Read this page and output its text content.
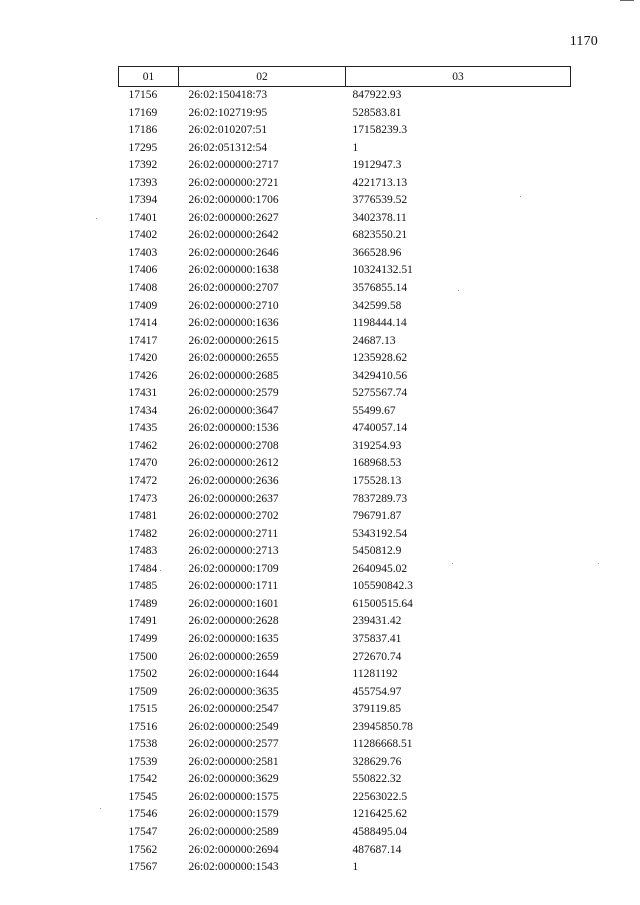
1170
01	02	03
17156	26:02:150418:73	847922.93
17169	26:02:102719:95	528583.81
17186	26:02:010207:51	17158239.3
17295	26:02:051312:54	1
17392	26:02:000000:2717	1912947.3
17393	26:02:000000:2721	4221713.13
17394	26:02:000000:1706	3776539.52
17401	26:02:000000:2627	3402378.11
17402	26:02:000000:2642	6823550.21
17403	26:02:000000:2646	366528.96
17406	26:02:000000:1638	10324132.51
17408	26:02:000000:2707	3576855.14
17409	26:02:000000:2710	342599.58
17414	26:02:000000:1636	1198444.14
17417	26:02:000000:2615	24687.13
17420	26:02:000000:2655	1235928.62
17426	26:02:000000:2685	3429410.56
17431	26:02:000000:2579	5275567.74
17434	26:02:000000:3647	55499.67
17435	26:02:000000:1536	4740057.14
17462	26:02:000000:2708	319254.93
17470	26:02:000000:2612	168968.53
17472	26:02:000000:2636	175528.13
17473	26:02:000000:2637	7837289.73
17481	26:02:000000:2702	796791.87
17482	26:02:000000:2711	5343192.54
17483	26:02:000000:2713	5450812.9
17484	26:02:000000:1709	2640945.02
17485	26:02:000000:1711	105590842.3
17489	26:02:000000:1601	61500515.64
17491	26:02:000000:2628	239431.42
17499	26:02:000000:1635	375837.41
17500	26:02:000000:2659	272670.74
17502	26:02:000000:1644	11281192
17509	26:02:000000:3635	455754.97
17515	26:02:000000:2547	379119.85
17516	26:02:000000:2549	23945850.78
17538	26:02:000000:2577	11286668.51
17539	26:02:000000:2581	328629.76
17542	26:02:000000:3629	550822.32
17545	26:02:000000:1575	22563022.5
17546	26:02:000000:1579	1216425.62
17547	26:02:000000:2589	4588495.04
17562	26:02:000000:2694	487687.14
17567	26:02:000000:1543	1
